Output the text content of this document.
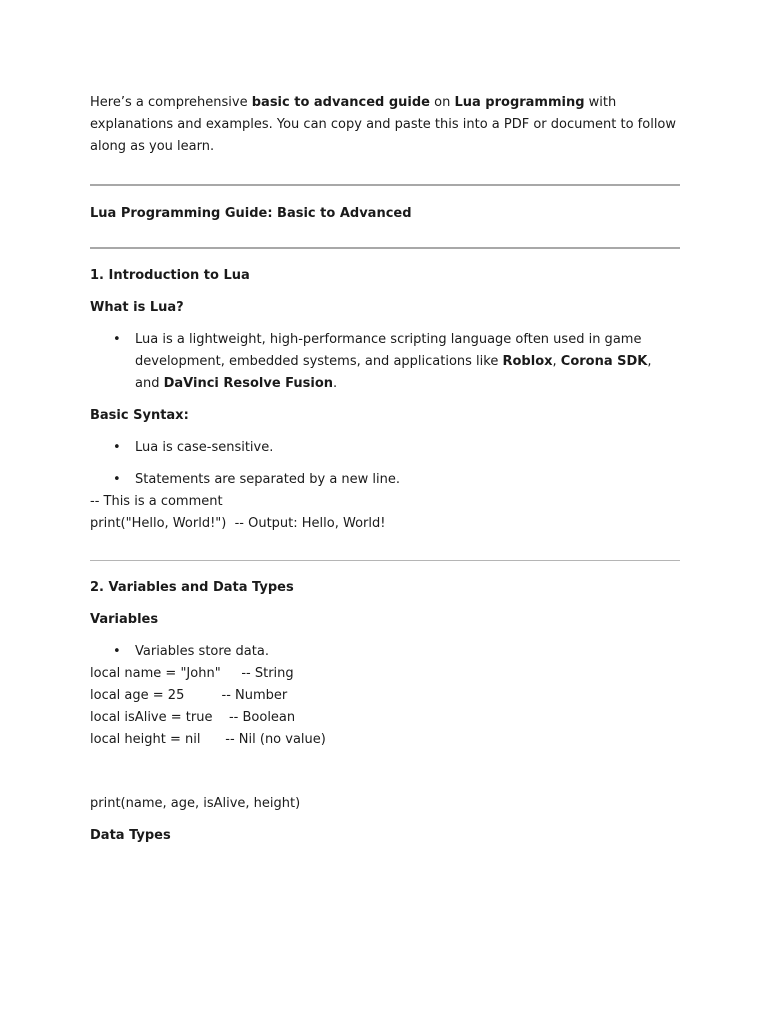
Here’s a comprehensive basic to advanced guide on Lua programming with explanations and examples. You can copy and paste this into a PDF or document to follow along as you learn.

Lua Programming Guide: Basic to Advanced

1. Introduction to Lua

What is Lua?

• Lua is a lightweight, high-performance scripting language often used in game development, embedded systems, and applications like Roblox, Corona SDK, and DaVinci Resolve Fusion.

Basic Syntax:

• Lua is case-sensitive.
• Statements are separated by a new line.

-- This is a comment

print("Hello, World!")  -- Output: Hello, World!

2. Variables and Data Types

Variables

• Variables store data.

local name = "John"     -- String

local age = 25         -- Number

local isAlive = true    -- Boolean

local height = nil      -- Nil (no value)

print(name, age, isAlive, height)

Data Types
